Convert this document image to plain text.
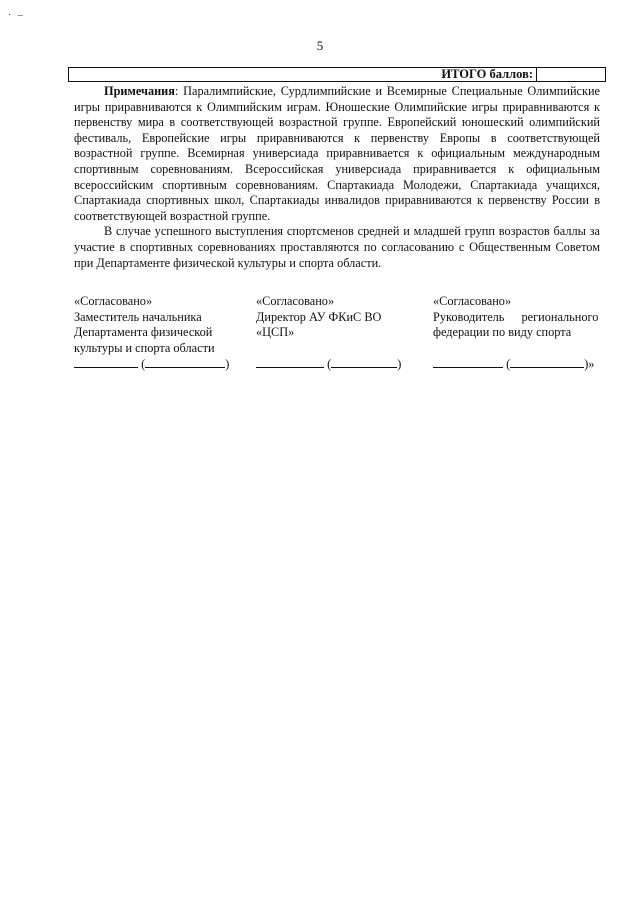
· ‒
5
ИТОГО баллов:

Примечания: Паралимпийские, Сурдлимпийские и Всемирные Специальные Олимпийские игры приравниваются к Олимпийским играм. Юношеские Олимпийские игры приравниваются к первенству мира в соответствующей возрастной группе. Европейский юношеский олимпийский фестиваль, Европейские игры приравниваются к первенству Европы в соответствующей возрастной группе. Всемирная универсиада приравнивается к официальным международным спортивным соревнованиям. Всероссийская универсиада приравнивается к официальным всероссийским спортивным соревнованиям. Спартакиада Молодежи, Спартакиада учащихся, Спартакиада спортивных школ, Спартакиады инвалидов приравниваются к первенству России в соответствующей возрастной группе.

В случае успешного выступления спортсменов средней и младшей групп возрастов баллы за участие в спортивных соревнованиях проставляются по согласованию с Общественным Советом при Департаменте физической культуры и спорта области.

«Согласовано»
Заместитель начальника
Департамента физической
культуры и спорта области
(	)
«Согласовано»
Директор АУ ФКиС ВО
«ЦСП»

(	)
«Согласовано»
Руководитель регионального
федерации по виду спорта

(	)»
